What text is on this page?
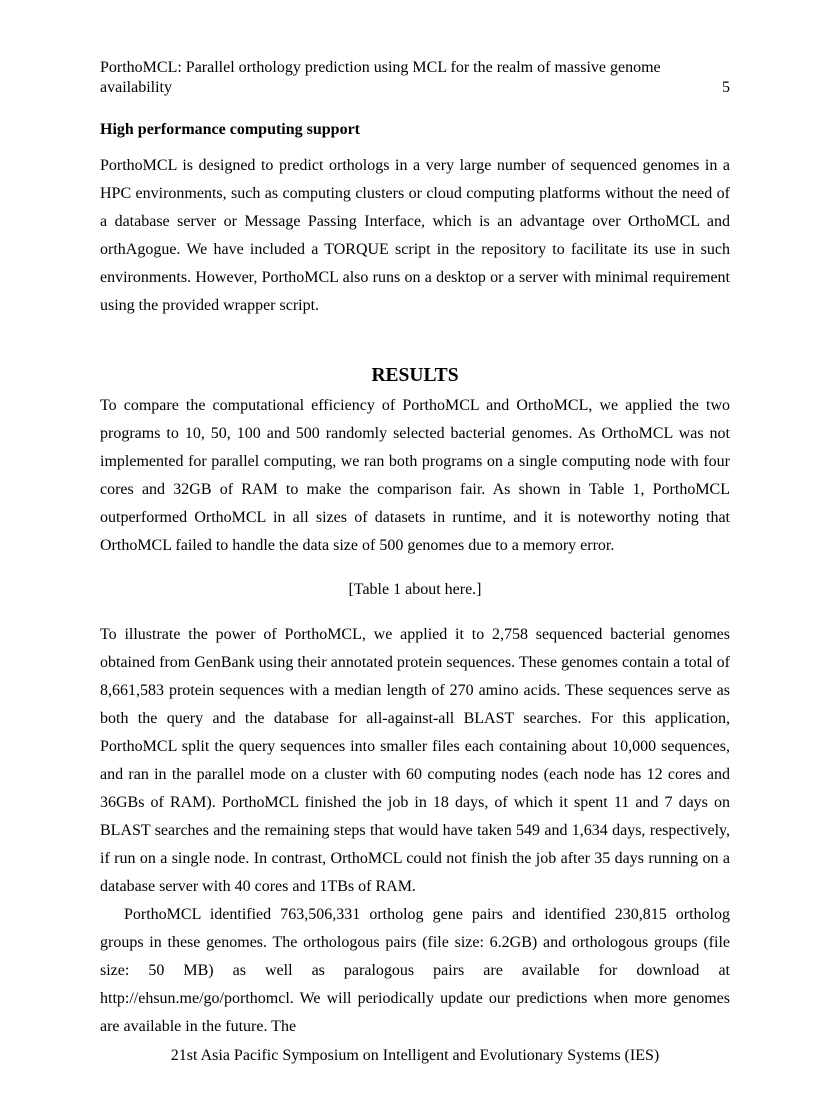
PorthoMCL: Parallel orthology prediction using MCL for the realm of massive genome availability	5
High performance computing support

PorthoMCL is designed to predict orthologs in a very large number of sequenced genomes in a HPC environments, such as computing clusters or cloud computing platforms without the need of a database server or Message Passing Interface, which is an advantage over OrthoMCL and orthAgogue. We have included a TORQUE script in the repository to facilitate its use in such environments. However, PorthoMCL also runs on a desktop or a server with minimal requirement using the provided wrapper script.

RESULTS

To compare the computational efficiency of PorthoMCL and OrthoMCL, we applied the two programs to 10, 50, 100 and 500 randomly selected bacterial genomes. As OrthoMCL was not implemented for parallel computing, we ran both programs on a single computing node with four cores and 32GB of RAM to make the comparison fair. As shown in Table 1, PorthoMCL outperformed OrthoMCL in all sizes of datasets in runtime, and it is noteworthy noting that OrthoMCL failed to handle the data size of 500 genomes due to a memory error.

[Table 1 about here.]

To illustrate the power of PorthoMCL, we applied it to 2,758 sequenced bacterial genomes obtained from GenBank using their annotated protein sequences. These genomes contain a total of 8,661,583 protein sequences with a median length of 270 amino acids. These sequences serve as both the query and the database for all-against-all BLAST searches. For this application, PorthoMCL split the query sequences into smaller files each containing about 10,000 sequences, and ran in the parallel mode on a cluster with 60 computing nodes (each node has 12 cores and 36GBs of RAM). PorthoMCL finished the job in 18 days, of which it spent 11 and 7 days on BLAST searches and the remaining steps that would have taken 549 and 1,634 days, respectively, if run on a single node. In contrast, OrthoMCL could not finish the job after 35 days running on a database server with 40 cores and 1TBs of RAM.

PorthoMCL identified 763,506,331 ortholog gene pairs and identified 230,815 ortholog groups in these genomes. The orthologous pairs (file size: 6.2GB) and orthologous groups (file size: 50 MB) as well as paralogous pairs are available for download at http://ehsun.me/go/porthomcl. We will periodically update our predictions when more genomes are available in the future. The

21st Asia Pacific Symposium on Intelligent and Evolutionary Systems (IES)
